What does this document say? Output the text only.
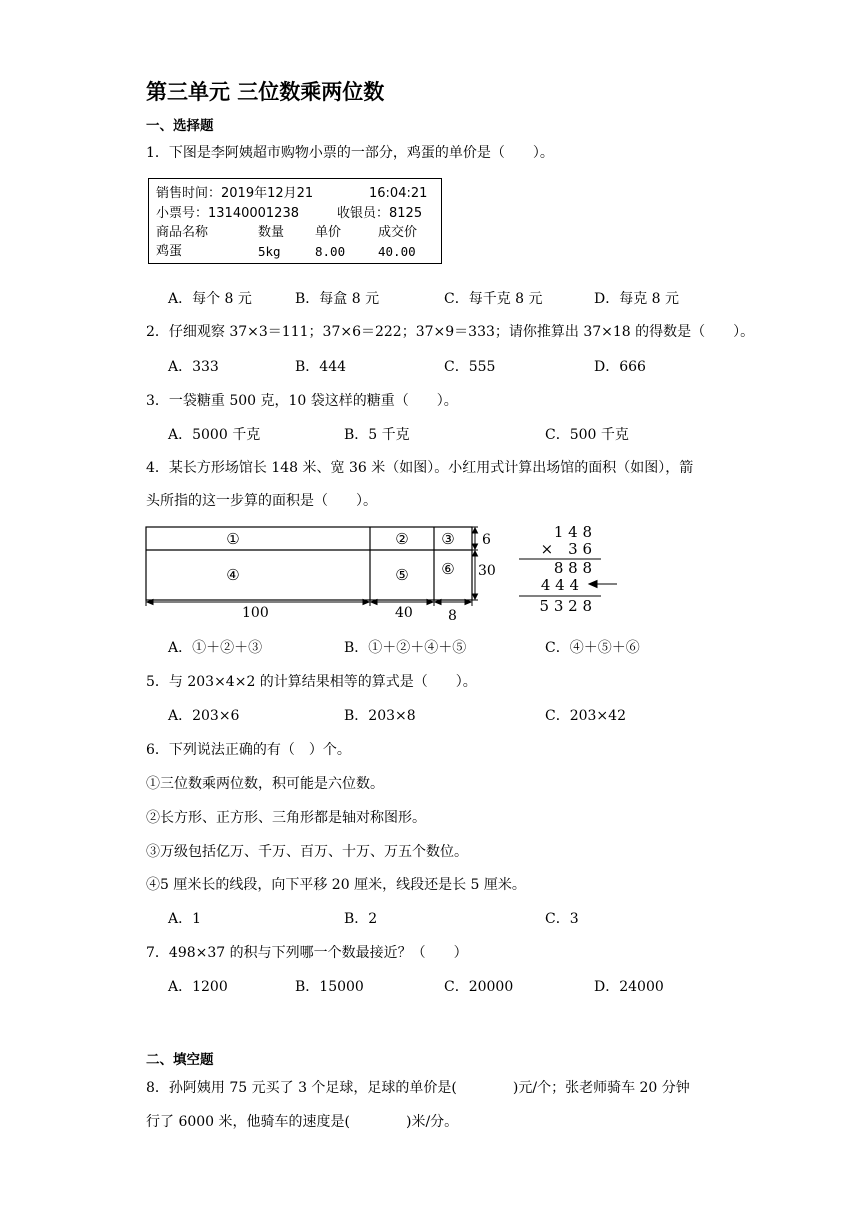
第三单元 三位数乘两位数
一、选择题
1．下图是李阿姨超市购物小票的一部分，鸡蛋的单价是（　　）。
销售时间：2019年12月21	16:04:21
小票号：13140001238	收银员：8125
商品名称	数量 单价	成交价
鸡蛋	5kg	8.00	40.00
A．每个 8 元	B．每盒 8 元	C．每千克 8 元	D．每克 8 元
2．仔细观察 37×3＝111；37×6＝222；37×9＝333；请你推算出 37×18 的得数是（　　）。
A．333	B．444	C．555	D．666
3．一袋糖重 500 克，10 袋这样的糖重（　　）。
A．5000 千克	B．5 千克	C．500 千克
4．某长方形场馆长 148 米、宽 36 米（如图）。小红用式计算出场馆的面积（如图），箭
头所指的这一步算的面积是（　　）。
①	② ③
④	⑤ ⑥
100	40	8
6
30
1 4 8
×　3 6
8 8 8
4 4 4
5 3 2 8
A．①＋②＋③	B．①＋②＋④＋⑤	C．④＋⑤＋⑥
5．与 203×4×2 的计算结果相等的算式是（　　）。
A．203×6	B．203×8	C．203×42
6．下列说法正确的有（　）个。
①三位数乘两位数，积可能是六位数。
②长方形、正方形、三角形都是轴对称图形。
③万级包括亿万、千万、百万、十万、万五个数位。
④5 厘米长的线段，向下平移 20 厘米，线段还是长 5 厘米。
A．1	B．2	C．3
7．498×37 的积与下列哪一个数最接近？（　　）
A．1200	B．15000	C．20000	D．24000
二、填空题
8．孙阿姨用 75 元买了 3 个足球，足球的单价是(　　　　)元/个；张老师骑车 20 分钟
行了 6000 米，他骑车的速度是(　　　　)米/分。
